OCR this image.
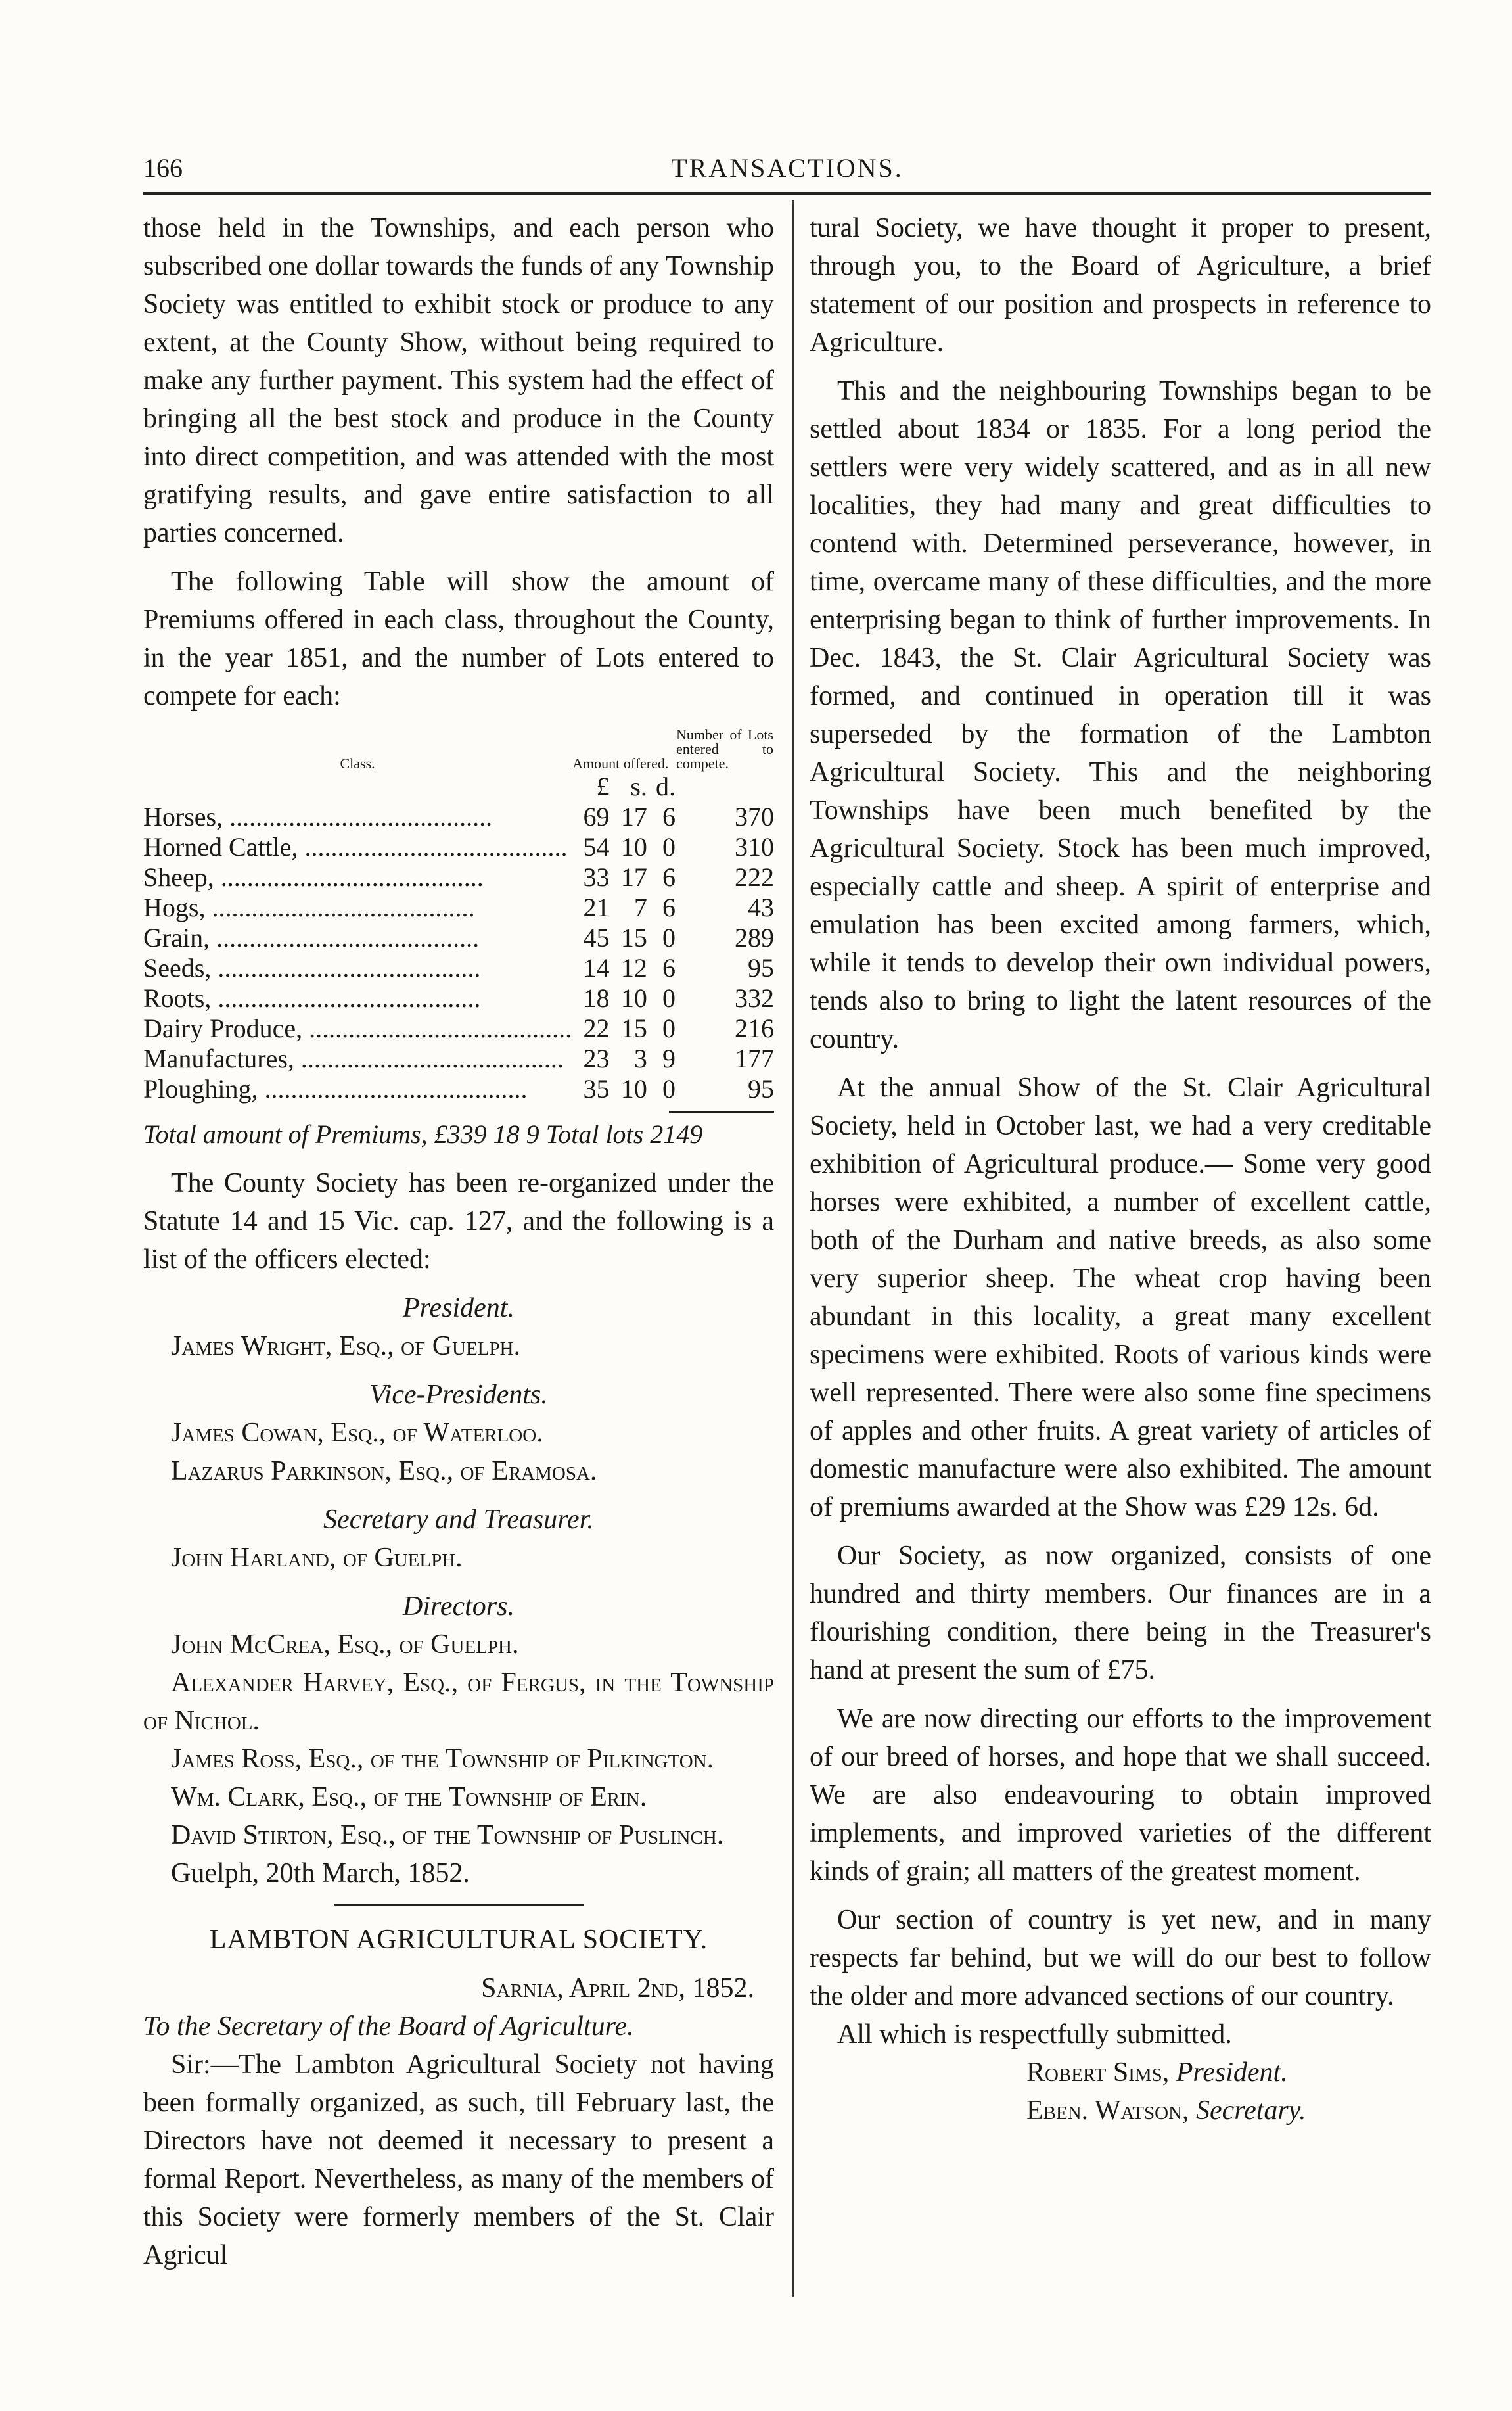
166	TRANSACTIONS.

those held in the Townships, and each person who subscribed one dollar towards the funds of any Township Society was entitled to exhibit stock or produce to any extent, at the County Show, without being required to make any further payment. This system had the effect of bringing all the best stock and produce in the County into direct competition, and was attended with the most gratifying results, and gave entire satisfaction to all parties concerned.

The following Table will show the amount of Premiums offered in each class, throughout the County, in the year 1851, and the number of Lots entered to compete for each:

Class.	Amount offered.			Number of Lots entered to compete.
	£	s.	d.	
Horses, ........................................	69	17	6	370
Horned Cattle, ........................................	54	10	0	310
Sheep, ........................................	33	17	6	222
Hogs, ........................................	21	7	6	43
Grain, ........................................	45	15	0	289
Seeds, ........................................	14	12	6	95
Roots, ........................................	18	10	0	332
Dairy Produce, ........................................	22	15	0	216
Manufactures, ........................................	23	3	9	177
Ploughing, ........................................	35	10	0	95

Total amount of Premiums, £339 18 9 Total lots 2149

The County Society has been re-organized under the Statute 14 and 15 Vic. cap. 127, and the following is a list of the officers elected:

President.

James Wright, Esq., of Guelph.

Vice-Presidents.

James Cowan, Esq., of Waterloo.

Lazarus Parkinson, Esq., of Eramosa.

Secretary and Treasurer.

John Harland, of Guelph.

Directors.

John McCrea, Esq., of Guelph.

Alexander Harvey, Esq., of Fergus, in the Township of Nichol.

James Ross, Esq., of the Township of Pilkington.

Wm. Clark, Esq., of the Township of Erin.

David Stirton, Esq., of the Township of Puslinch.

Guelph, 20th March, 1852.

LAMBTON AGRICULTURAL SOCIETY.

Sarnia, April 2nd, 1852.

To the Secretary of the Board of Agriculture.

Sir:—The Lambton Agricultural Society not having been formally organized, as such, till February last, the Directors have not deemed it necessary to present a formal Report. Nevertheless, as many of the members of this Society were formerly members of the St. Clair Agricul

tural Society, we have thought it proper to present, through you, to the Board of Agriculture, a brief statement of our position and prospects in reference to Agriculture.

This and the neighbouring Townships began to be settled about 1834 or 1835. For a long period the settlers were very widely scattered, and as in all new localities, they had many and great difficulties to contend with. Determined perseverance, however, in time, overcame many of these difficulties, and the more enterprising began to think of further improvements. In Dec. 1843, the St. Clair Agricultural Society was formed, and continued in operation till it was superseded by the formation of the Lambton Agricultural Society. This and the neighboring Townships have been much benefited by the Agricultural Society. Stock has been much improved, especially cattle and sheep. A spirit of enterprise and emulation has been excited among farmers, which, while it tends to develop their own individual powers, tends also to bring to light the latent resources of the country.

At the annual Show of the St. Clair Agricultural Society, held in October last, we had a very creditable exhibition of Agricultural produce.— Some very good horses were exhibited, a number of excellent cattle, both of the Durham and native breeds, as also some very superior sheep. The wheat crop having been abundant in this locality, a great many excellent specimens were exhibited. Roots of various kinds were well represented. There were also some fine specimens of apples and other fruits. A great variety of articles of domestic manufacture were also exhibited. The amount of premiums awarded at the Show was £29 12s. 6d.

Our Society, as now organized, consists of one hundred and thirty members. Our finances are in a flourishing condition, there being in the Treasurer's hand at present the sum of £75.

We are now directing our efforts to the improvement of our breed of horses, and hope that we shall succeed. We are also endeavouring to obtain improved implements, and improved varieties of the different kinds of grain; all matters of the greatest moment.

Our section of country is yet new, and in many respects far behind, but we will do our best to follow the older and more advanced sections of our country.

All which is respectfully submitted.

Robert Sims, President.

Eben. Watson, Secretary.
